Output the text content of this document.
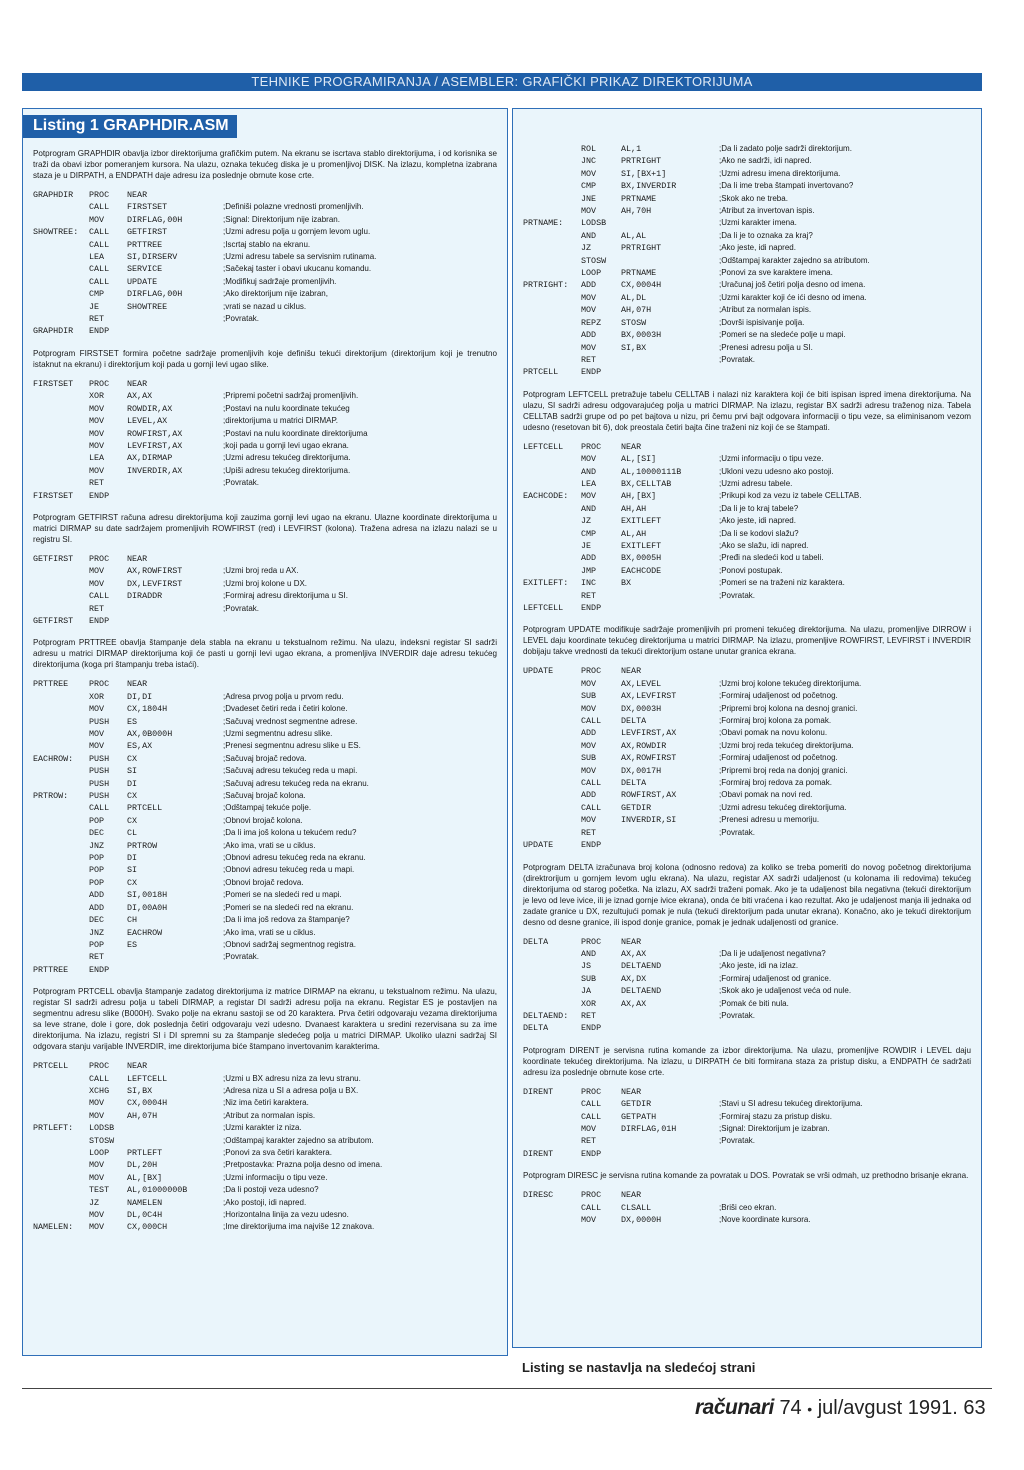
TEHNIKE PROGRAMIRANJA / ASEMBLER: GRAFIČKI PRIKAZ DIREKTORIJUMA
Listing 1 GRAPHDIR.ASM

Potprogram GRAPHDIR obavlja izbor direktorijuma grafičkim putem. Na ekranu se iscrtava stablo direktorijuma, i od korisnika se traži da obavi izbor pomeranjem kursora. Na ulazu, oznaka tekućeg diska je u promenljivoj DISK. Na izlazu, kompletna izabrana staza je u DIRPATH, a ENDPATH daje adresu iza poslednje obrnute kose crte.

GRAPHDIR	PROC	NEAR
CALL	FIRSTSET	;Definiši polazne vrednosti promenljivih.
MOV	DIRFLAG,00H	;Signal: Direktorijum nije izabran.
SHOWTREE:	CALL	GETFIRST	;Uzmi adresu polja u gornjem levom uglu.
CALL	PRTTREE	;Iscrtaj stablo na ekranu.
LEA	SI,DIRSERV	;Uzmi adresu tabele sa servisnim rutinama.
CALL	SERVICE	;Sačekaj taster i obavi ukucanu komandu.
CALL	UPDATE	;Modifikuj sadržaje promenljivih.
CMP	DIRFLAG,00H	;Ako direktorijum nije izabran,
JE	SHOWTREE	;vrati se nazad u ciklus.
RET	;Povratak.
GRAPHDIR	ENDP

Potprogram FIRSTSET formira početne sadržaje promenljivih koje definišu tekući direktorijum (direktorijum koji je trenutno istaknut na ekranu) i direktorijum koji pada u gornji levi ugao slike.

FIRSTSET	PROC	NEAR
XOR	AX,AX	;Pripremi početni sadržaj promenljivih.
MOV	ROWDIR,AX	;Postavi na nulu koordinate tekućeg
MOV	LEVEL,AX	;direktorijuma u matrici DIRMAP.
MOV	ROWFIRST,AX	;Postavi na nulu koordinate direktorijuma
MOV	LEVFIRST,AX	;koji pada u gornji levi ugao ekrana.
LEA	AX,DIRMAP	;Uzmi adresu tekućeg direktorijuma.
MOV	INVERDIR,AX	;Upiši adresu tekućeg direktorijuma.
RET	;Povratak.
FIRSTSET	ENDP

Potprogram GETFIRST računa adresu direktorijuma koji zauzima gornji levi ugao na ekranu. Ulazne koordinate direktorijuma u matrici DIRMAP su date sadržajem promenljivih ROWFIRST (red) i LEVFIRST (kolona). Tražena adresa na izlazu nalazi se u registru SI.

GETFIRST	PROC	NEAR
MOV	AX,ROWFIRST	;Uzmi broj reda u AX.
MOV	DX,LEVFIRST	;Uzmi broj kolone u DX.
CALL	DIRADDR	;Formiraj adresu direktorijuma u SI.
RET	;Povratak.
GETFIRST	ENDP

Potprogram PRTTREE obavlja štampanje dela stabla na ekranu u tekstualnom režimu. Na ulazu, indeksni registar SI sadrži adresu u matrici DIRMAP direktorijuma koji će pasti u gornji levi ugao ekrana, a promenljiva INVERDIR daje adresu tekućeg direktorijuma (koga pri štampanju treba istaći).

PRTTREE	PROC	NEAR
XOR	DI,DI	;Adresa prvog polja u prvom redu.
MOV	CX,1804H	;Dvadeset četiri reda i četiri kolone.
PUSH	ES	;Sačuvaj vrednost segmentne adrese.
MOV	AX,0B000H	;Uzmi segmentnu adresu slike.
MOV	ES,AX	;Prenesi segmentnu adresu slike u ES.
EACHROW:	PUSH	CX	;Sačuvaj brojač redova.
PUSH	SI	;Sačuvaj adresu tekućeg reda u mapi.
PUSH	DI	;Sačuvaj adresu tekućeg reda na ekranu.
PRTROW:	PUSH	CX	;Sačuvaj brojač kolona.
CALL	PRTCELL	;Odštampaj tekuće polje.
POP	CX	;Obnovi brojač kolona.
DEC	CL	;Da li ima još kolona u tekućem redu?
JNZ	PRTROW	;Ako ima, vrati se u ciklus.
POP	DI	;Obnovi adresu tekućeg reda na ekranu.
POP	SI	;Obnovi adresu tekućeg reda u mapi.
POP	CX	;Obnovi brojač redova.
ADD	SI,0018H	;Pomeri se na sledeći red u mapi.
ADD	DI,00A0H	;Pomeri se na sledeći red na ekranu.
DEC	CH	;Da li ima još redova za štampanje?
JNZ	EACHROW	;Ako ima, vrati se u ciklus.
POP	ES	;Obnovi sadržaj segmentnog registra.
RET	;Povratak.
PRTTREE	ENDP

Potprogram PRTCELL obavlja štampanje zadatog direktorijuma iz matrice DIRMAP na ekranu, u tekstualnom režimu. Na ulazu, registar SI sadrži adresu polja u tabeli DIRMAP, a registar DI sadrži adresu polja na ekranu. Registar ES je postavljen na segmentnu adresu slike (B000H). Svako polje na ekranu sastoji se od 20 karaktera. Prva četiri odgovaraju vezama direktorijuma sa leve strane, dole i gore, dok poslednja četiri odgovaraju vezi udesno. Dvanaest karaktera u sredini rezervisana su za ime direktorijuma. Na izlazu, registri SI i DI spremni su za štampanje sledećeg polja u matrici DIRMAP. Ukoliko ulazni sadržaj SI odgovara stanju varijable INVERDIR, ime direktorijuma biće štampano invertovanim karakterima.

PRTCELL	PROC	NEAR
CALL	LEFTCELL	;Uzmi u BX adresu niza za levu stranu.
XCHG	SI,BX	;Adresa niza u SI a adresa polja u BX.
MOV	CX,0004H	;Niz ima četiri karaktera.
MOV	AH,07H	;Atribut za normalan ispis.
PRTLEFT:	LODSB	;Uzmi karakter iz niza.
STOSW	;Odštampaj karakter zajedno sa atributom.
LOOP	PRTLEFT	;Ponovi za sva četiri karaktera.
MOV	DL,20H	;Pretpostavka: Prazna polja desno od imena.
MOV	AL,[BX]	;Uzmi informaciju o tipu veze.
TEST	AL,01000000B	;Da li postoji veza udesno?
JZ	NAMELEN	;Ako postoji, idi napred.
MOV	DL,0C4H	;Horizontalna linija za vezu udesno.
NAMELEN:	MOV	CX,000CH	;Ime direktorijuma ima najviše 12 znakova.
ROL	AL,1	;Da li zadato polje sadrži direktorijum.
JNC	PRTRIGHT	;Ako ne sadrži, idi napred.
MOV	SI,[BX+1]	;Uzmi adresu imena direktorijuma.
CMP	BX,INVERDIR	;Da li ime treba štampati invertovano?
JNE	PRTNAME	;Skok ako ne treba.
MOV	AH,70H	;Atribut za invertovan ispis.
PRTNAME:	LODSB	;Uzmi karakter imena.
AND	AL,AL	;Da li je to oznaka za kraj?
JZ	PRTRIGHT	;Ako jeste, idi napred.
STOSW	;Odštampaj karakter zajedno sa atributom.
LOOP	PRTNAME	;Ponovi za sve karaktere imena.
PRTRIGHT:	ADD	CX,0004H	;Uračunaj još četiri polja desno od imena.
MOV	AL,DL	;Uzmi karakter koji će ići desno od imena.
MOV	AH,07H	;Atribut za normalan ispis.
REPZ	STOSW	;Dovrši ispisivanje polja.
ADD	BX,0003H	;Pomeri se na sledeće polje u mapi.
MOV	SI,BX	;Prenesi adresu polja u SI.
RET	;Povratak.
PRTCELL	ENDP

Potprogram LEFTCELL pretražuje tabelu CELLTAB i nalazi niz karaktera koji će biti ispisan ispred imena direktorijuma. Na ulazu, SI sadrži adresu odgovarajućeg polja u matrici DIRMAP. Na izlazu, registar BX sadrži adresu traženog niza. Tabela CELLTAB sadrži grupe od po pet bajtova u nizu, pri čemu prvi bajt odgovara informaciji o tipu veze, sa eliminisanom vezom udesno (resetovan bit 6), dok preostala četiri bajta čine traženi niz koji će se štampati.

LEFTCELL	PROC	NEAR
MOV	AL,[SI]	;Uzmi informaciju o tipu veze.
AND	AL,10000111B	;Ukloni vezu udesno ako postoji.
LEA	BX,CELLTAB	;Uzmi adresu tabele.
EACHCODE:	MOV	AH,[BX]	;Prikupi kod za vezu iz tabele CELLTAB.
AND	AH,AH	;Da li je to kraj tabele?
JZ	EXITLEFT	;Ako jeste, idi napred.
CMP	AL,AH	;Da li se kodovi slažu?
JE	EXITLEFT	;Ako se slažu, idi napred.
ADD	BX,0005H	;Pređi na sledeći kod u tabeli.
JMP	EACHCODE	;Ponovi postupak.
EXITLEFT:	INC	BX	;Pomeri se na traženi niz karaktera.
RET	;Povratak.
LEFTCELL	ENDP

Potprogram UPDATE modifikuje sadržaje promenljivih pri promeni tekućeg direktorijuma. Na ulazu, promenljive DIRROW i LEVEL daju koordinate tekućeg direktorijuma u matrici DIRMAP. Na izlazu, promenljive ROWFIRST, LEVFIRST i INVERDIR dobijaju takve vrednosti da tekući direktorijum ostane unutar granica ekrana.

UPDATE	PROC	NEAR
MOV	AX,LEVEL	;Uzmi broj kolone tekućeg direktorijuma.
SUB	AX,LEVFIRST	;Formiraj udaljenost od početnog.
MOV	DX,0003H	;Pripremi broj kolona na desnoj granici.
CALL	DELTA	;Formiraj broj kolona za pomak.
ADD	LEVFIRST,AX	;Obavi pomak na novu kolonu.
MOV	AX,ROWDIR	;Uzmi broj reda tekućeg direktorijuma.
SUB	AX,ROWFIRST	;Formiraj udaljenost od početnog.
MOV	DX,0017H	;Pripremi broj reda na donjoj granici.
CALL	DELTA	;Formiraj broj redova za pomak.
ADD	ROWFIRST,AX	;Obavi pomak na novi red.
CALL	GETDIR	;Uzmi adresu tekućeg direktorijuma.
MOV	INVERDIR,SI	;Prenesi adresu u memoriju.
RET	;Povratak.
UPDATE	ENDP

Potprogram DELTA izračunava broj kolona (odnosno redova) za koliko se treba pomeriti do novog početnog direktorijuma (direktrorijum u gornjem levom uglu ekrana). Na ulazu, registar AX sadrži udaljenost (u kolonama ili redovima) tekućeg direktorijuma od starog početka. Na izlazu, AX sadrži traženi pomak. Ako je ta udaljenost bila negativna (tekući direktorijum je levo od leve ivice, ili je iznad gornje ivice ekrana), onda će biti vraćena i kao rezultat. Ako je udaljenost manja ili jednaka od zadate granice u DX, rezultujući pomak je nula (tekući direktorijum pada unutar ekrana). Konačno, ako je tekući direktorijum desno od desne granice, ili ispod donje granice, pomak je jednak udaljenosti od granice.

DELTA	PROC	NEAR
AND	AX,AX	;Da li je udaljenost negativna?
JS	DELTAEND	;Ako jeste, idi na izlaz.
SUB	AX,DX	;Formiraj udaljenost od granice.
JA	DELTAEND	;Skok ako je udaljenost veća od nule.
XOR	AX,AX	;Pomak će biti nula.
DELTAEND:	RET	;Povratak.
DELTA	ENDP

Potprogram DIRENT je servisna rutina komande za izbor direktorijuma. Na ulazu, promenljive ROWDIR i LEVEL daju koordinate tekućeg direktorijuma. Na izlazu, u DIRPATH će biti formirana staza za pristup disku, a ENDPATH će sadržati adresu iza poslednje obrnute kose crte.

DIRENT	PROC	NEAR
CALL	GETDIR	;Stavi u SI adresu tekućeg direktorijuma.
CALL	GETPATH	;Formiraj stazu za pristup disku.
MOV	DIRFLAG,01H	;Signal: Direktorijum je izabran.
RET	;Povratak.
DIRENT	ENDP

Potprogram DIRESC je servisna rutina komande za povratak u DOS. Povratak se vrši odmah, uz prethodno brisanje ekrana.

DIRESC	PROC	NEAR
CALL	CLSALL	;Briši ceo ekran.
MOV	DX,0000H	;Nove koordinate kursora.
Listing se nastavlja na sledećoj strani
računari 74 • jul/avgust 1991. 63
